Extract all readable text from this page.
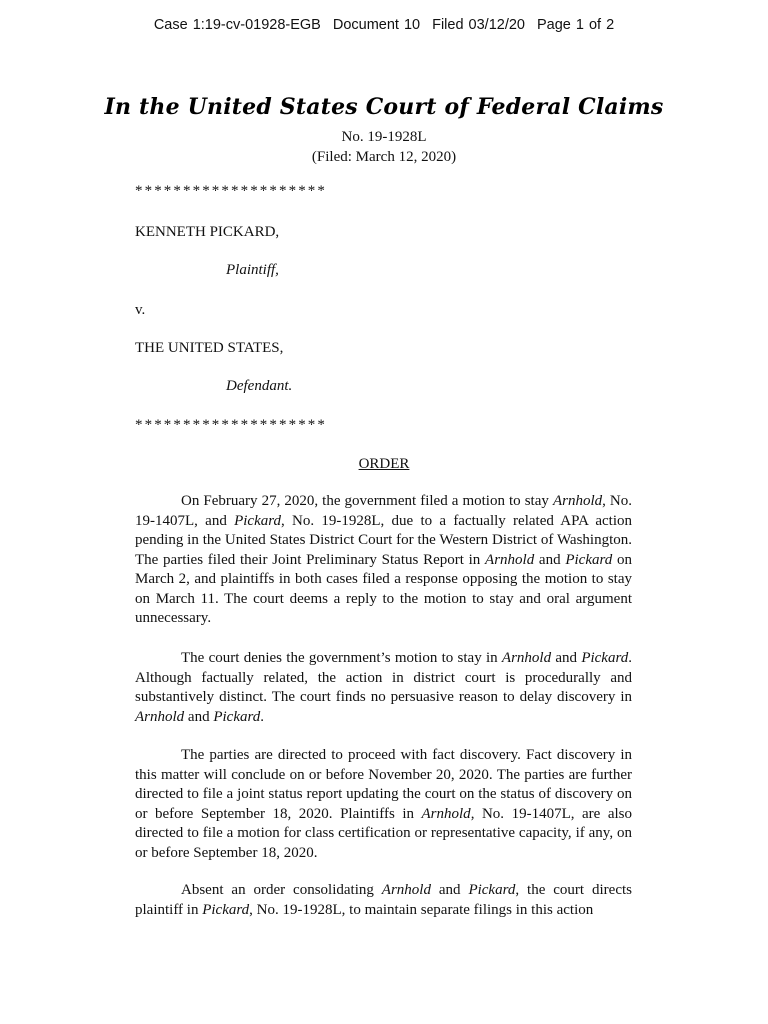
Case 1:19-cv-01928-EGB Document 10 Filed 03/12/20 Page 1 of 2
In the United States Court of Federal Claims
No. 19-1928L
(Filed: March 12, 2020)
********************
KENNETH PICKARD,
Plaintiff,
v.
THE UNITED STATES,
Defendant.
********************
ORDER

On February 27, 2020, the government filed a motion to stay Arnhold, No. 19-1407L, and Pickard, No. 19-1928L, due to a factually related APA action pending in the United States District Court for the Western District of Washington. The parties filed their Joint Preliminary Status Report in Arnhold and Pickard on March 2, and plaintiffs in both cases filed a response opposing the motion to stay on March 11. The court deems a reply to the motion to stay and oral argument unnecessary.

The court denies the government’s motion to stay in Arnhold and Pickard. Although factually related, the action in district court is procedurally and substantively distinct. The court finds no persuasive reason to delay discovery in Arnhold and Pickard.

The parties are directed to proceed with fact discovery. Fact discovery in this matter will conclude on or before November 20, 2020. The parties are further directed to file a joint status report updating the court on the status of discovery on or before September 18, 2020. Plaintiffs in Arnhold, No. 19-1407L, are also directed to file a motion for class certification or representative capacity, if any, on or before September 18, 2020.

Absent an order consolidating Arnhold and Pickard, the court directs plaintiff in Pickard, No. 19-1928L, to maintain separate filings in this action
